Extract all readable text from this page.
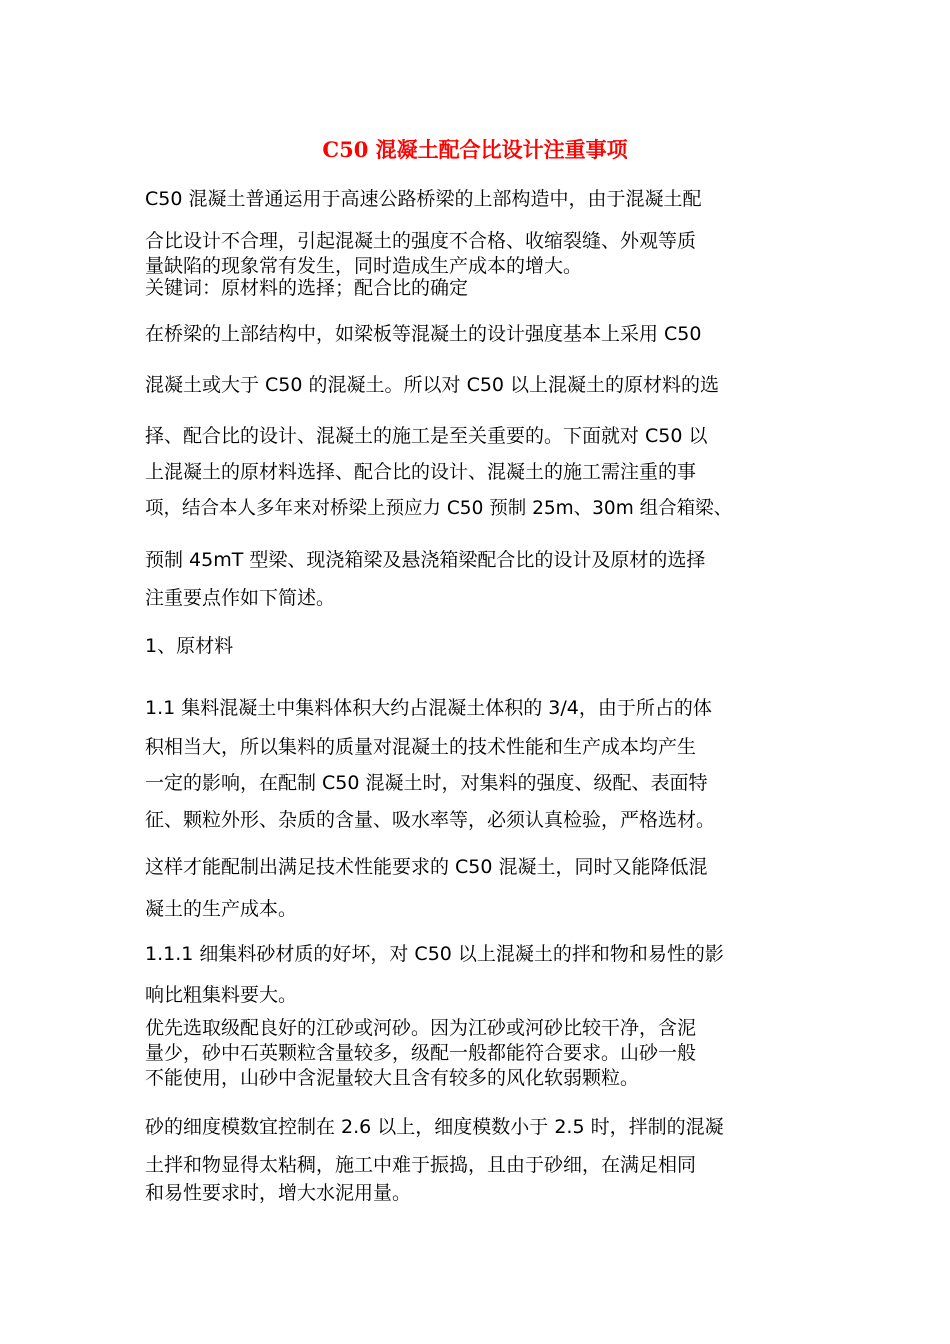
C50 混凝土配合比设计注重事项
C50 混凝土普通运用于高速公路桥梁的上部构造中，由于混凝土配
合比设计不合理，引起混凝土的强度不合格、收缩裂缝、外观等质
量缺陷的现象常有发生，同时造成生产成本的增大。
关键词：原材料的选择；配合比的确定
在桥梁的上部结构中，如梁板等混凝土的设计强度基本上采用 C50
混凝土或大于 C50 的混凝土。所以对 C50 以上混凝土的原材料的选
择、配合比的设计、混凝土的施工是至关重要的。下面就对 C50 以
上混凝土的原材料选择、配合比的设计、混凝土的施工需注重的事
项，结合本人多年来对桥梁上预应力 C50 预制 25m、30m 组合箱梁、
预制 45mT 型梁、现浇箱梁及悬浇箱梁配合比的设计及原材的选择
注重要点作如下简述。
1、原材料
1.1 集料混凝土中集料体积大约占混凝土体积的 3/4，由于所占的体
积相当大，所以集料的质量对混凝土的技术性能和生产成本均产生
一定的影响，在配制 C50 混凝土时，对集料的强度、级配、表面特
征、颗粒外形、杂质的含量、吸水率等，必须认真检验，严格选材。
这样才能配制出满足技术性能要求的 C50 混凝土，同时又能降低混
凝土的生产成本。
1.1.1 细集料砂材质的好坏，对 C50 以上混凝土的拌和物和易性的影
响比粗集料要大。
优先选取级配良好的江砂或河砂。因为江砂或河砂比较干净，含泥
量少，砂中石英颗粒含量较多，级配一般都能符合要求。山砂一般
不能使用，山砂中含泥量较大且含有较多的风化软弱颗粒。
砂的细度模数宜控制在 2.6 以上，细度模数小于 2.5 时，拌制的混凝
土拌和物显得太粘稠，施工中难于振捣，且由于砂细，在满足相同
和易性要求时，增大水泥用量。
